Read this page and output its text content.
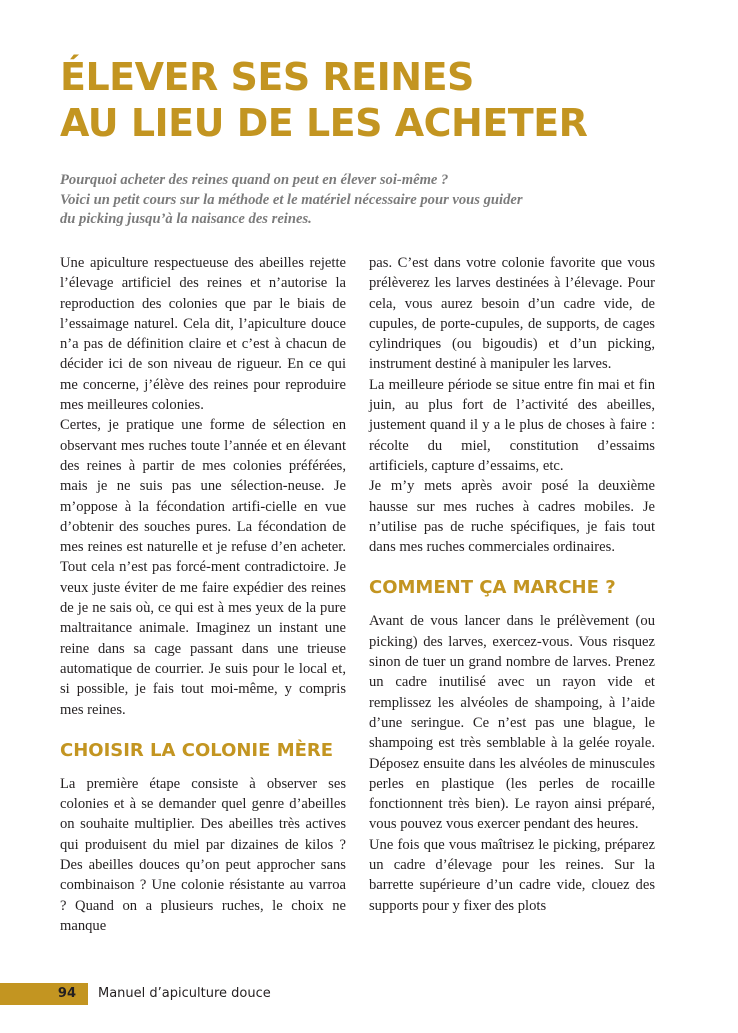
ÉLEVER SES REINES
AU LIEU DE LES ACHETER
Pourquoi acheter des reines quand on peut en élever soi-même ?
Voici un petit cours sur la méthode et le matériel nécessaire pour vous guider
du picking jusqu’à la naisance des reines.

Une apiculture respectueuse des abeilles rejette l’élevage artificiel des reines et n’autorise la reproduction des colonies que par le biais de l’essaimage naturel. Cela dit, l’apiculture douce n’a pas de définition claire et c’est à chacun de décider ici de son niveau de rigueur. En ce qui me concerne, j’élève des reines pour reproduire mes meilleures colonies.

Certes, je pratique une forme de sélection en observant mes ruches toute l’année et en élevant des reines à partir de mes colonies préférées, mais je ne suis pas une sélection-neuse. Je m’oppose à la fécondation artifi-cielle en vue d’obtenir des souches pures. La fécondation de mes reines est naturelle et je refuse d’en acheter. Tout cela n’est pas forcé-ment contradictoire. Je veux juste éviter de me faire expédier des reines de je ne sais où, ce qui est à mes yeux de la pure maltraitance animale. Imaginez un instant une reine dans sa cage passant dans une trieuse automatique de courrier. Je suis pour le local et, si possible, je fais tout moi-même, y compris mes reines.

CHOISIR LA COLONIE MÈRE

La première étape consiste à observer ses colonies et à se demander quel genre d’abeilles on souhaite multiplier. Des abeilles très actives qui produisent du miel par dizaines de kilos ? Des abeilles douces qu’on peut approcher sans combinaison ? Une colonie résistante au varroa ? Quand on a plusieurs ruches, le choix ne manque

pas. C’est dans votre colonie favorite que vous prélèverez les larves destinées à l’élevage. Pour cela, vous aurez besoin d’un cadre vide, de cupules, de porte-cupules, de supports, de cages cylindriques (ou bigoudis) et d’un picking, instrument destiné à manipuler les larves.

La meilleure période se situe entre fin mai et fin juin, au plus fort de l’activité des abeilles, justement quand il y a le plus de choses à faire : récolte du miel, constitution d’essaims artificiels, capture d’essaims, etc.

Je m’y mets après avoir posé la deuxième hausse sur mes ruches à cadres mobiles. Je n’utilise pas de ruche spécifiques, je fais tout dans mes ruches commerciales ordinaires.

COMMENT ÇA MARCHE ?

Avant de vous lancer dans le prélèvement (ou picking) des larves, exercez-vous. Vous risquez sinon de tuer un grand nombre de larves. Prenez un cadre inutilisé avec un rayon vide et remplissez les alvéoles de shampoing, à l’aide d’une seringue. Ce n’est pas une blague, le shampoing est très semblable à la gelée royale. Déposez ensuite dans les alvéoles de minuscules perles en plastique (les perles de rocaille fonctionnent très bien). Le rayon ainsi préparé, vous pouvez vous exercer pendant des heures.

Une fois que vous maîtrisez le picking, préparez un cadre d’élevage pour les reines. Sur la barrette supérieure d’un cadre vide, clouez des supports pour y fixer des plots

94 Manuel d’apiculture douce
